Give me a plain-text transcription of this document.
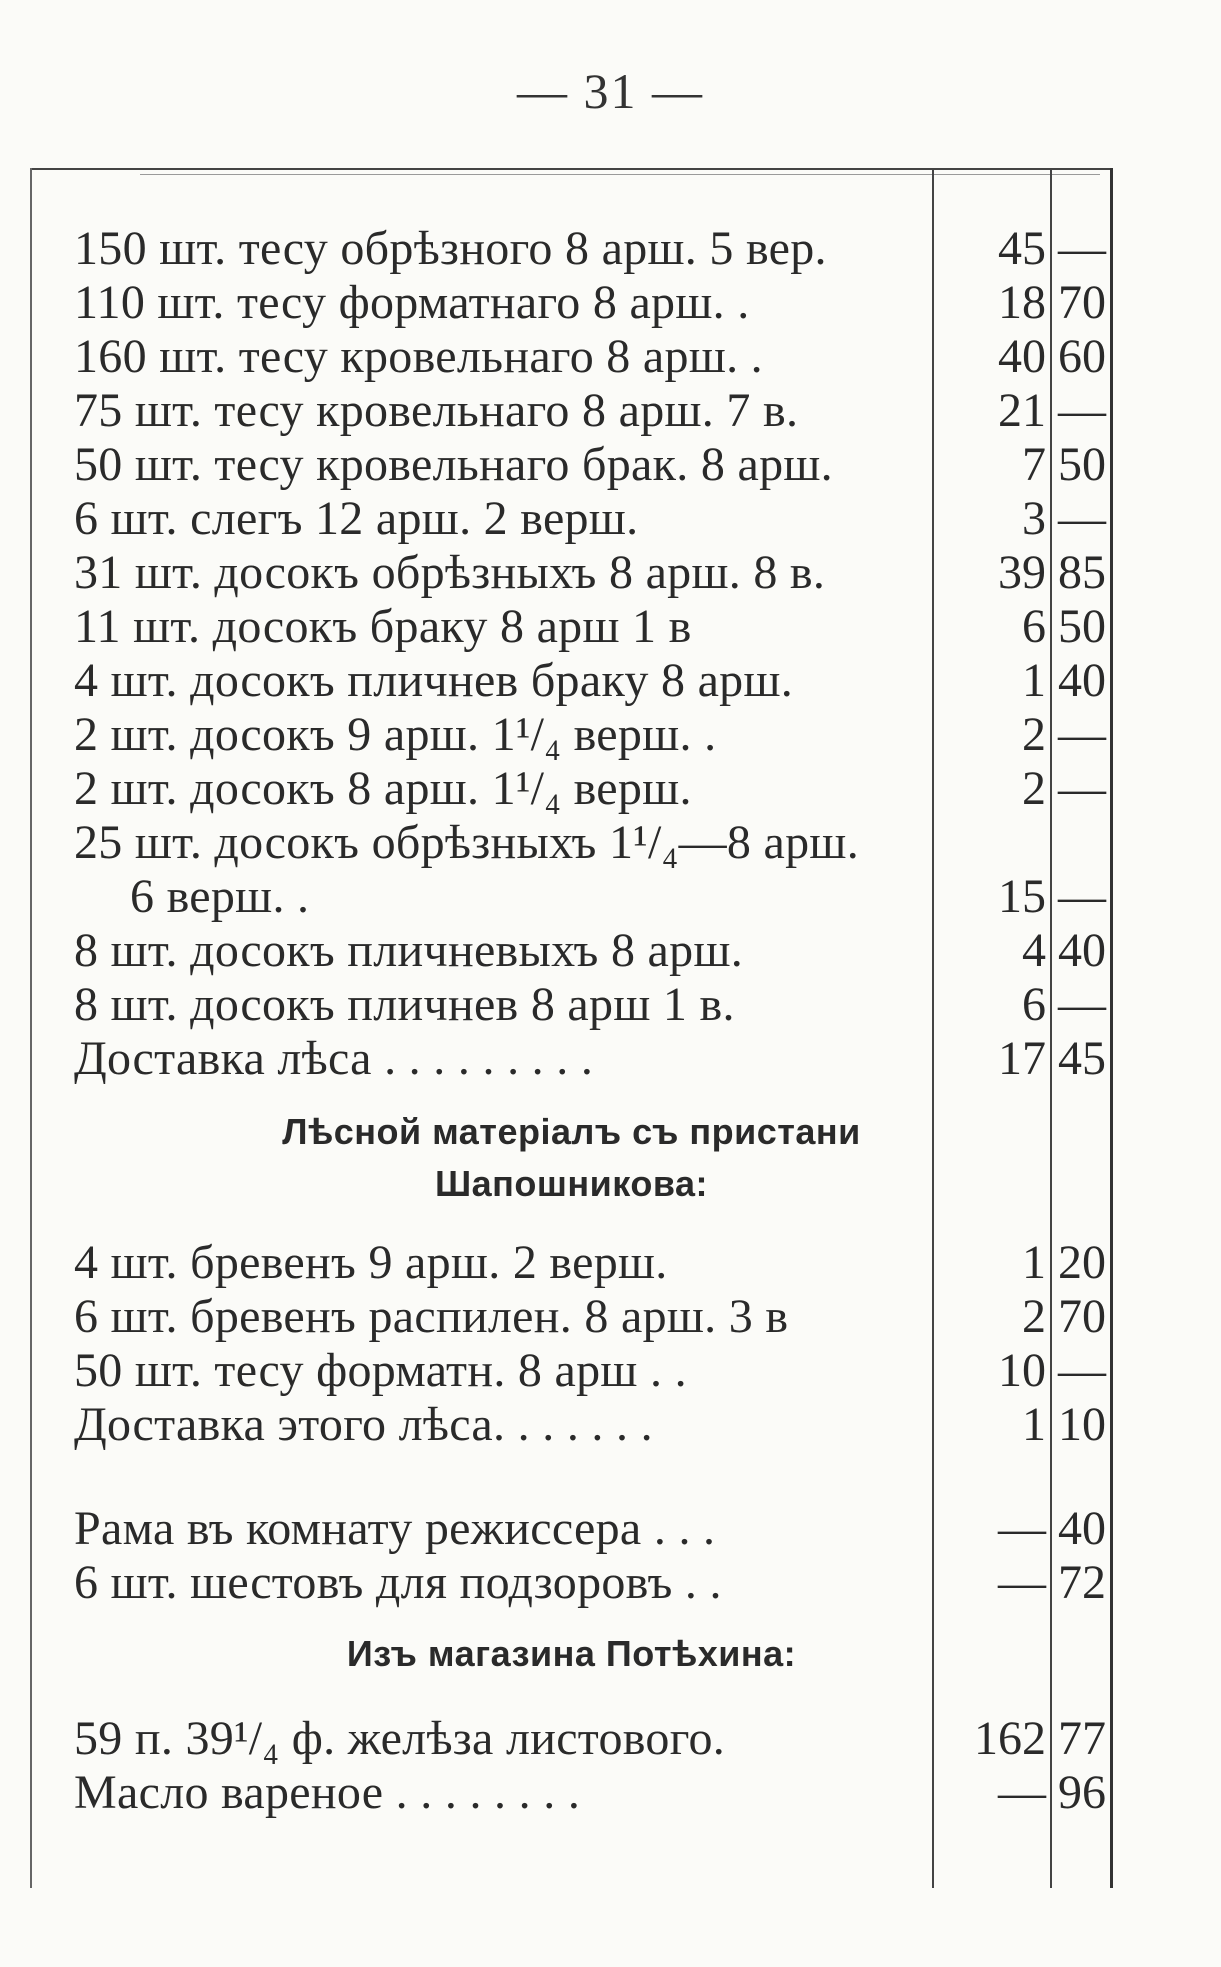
— 31 —
150 шт. тесу обрѣзного 8 арш. 5 вер.	45 —
110 шт. тесу форматнаго 8 арш. .	18 70
160 шт. тесу кровельнаго 8 арш. .	40 60
75 шт. тесу кровельнаго 8 арш. 7 в.	21 —
50 шт. тесу кровельнаго брак. 8 арш.	7 50
6 шт. слегъ 12 арш. 2 верш.	3 —
31 шт. досокъ обрѣзныхъ 8 арш. 8 в.	39 85
11 шт. досокъ браку 8 арш 1 в	6 50
4 шт. досокъ пличнев браку 8 арш.	1 40
2 шт. досокъ 9 арш. 1¹/₄ верш. .	2 —
2 шт. досокъ 8 арш. 1¹/₄ верш.	2 —
25 шт. досокъ обрѣзныхъ 1¹/₄—8 арш.
6 верш. .	15 —
8 шт. досокъ пличневыхъ 8 арш.	4 40
8 шт. досокъ пличнев 8 арш 1 в.	6 —
Доставка лѣса . . . . . . . . .	17 45
Лѣсной матеріалъ съ пристани
Шапошникова:
4 шт. бревенъ 9 арш. 2 верш.	1 20
6 шт. бревенъ распилен. 8 арш. 3 в	2 70
50 шт. тесу форматн. 8 арш . .	10 —
Доставка этого лѣса. . . . . . .	1 10
Рама въ комнату режиссера . . .	— 40
6 шт. шестовъ для подзоровъ . .	— 72
Изъ магазина Потѣхина:
59 п. 39¹/₄ ф. желѣза листового.	162 77
Масло вареное . . . . . . . .	— 96
